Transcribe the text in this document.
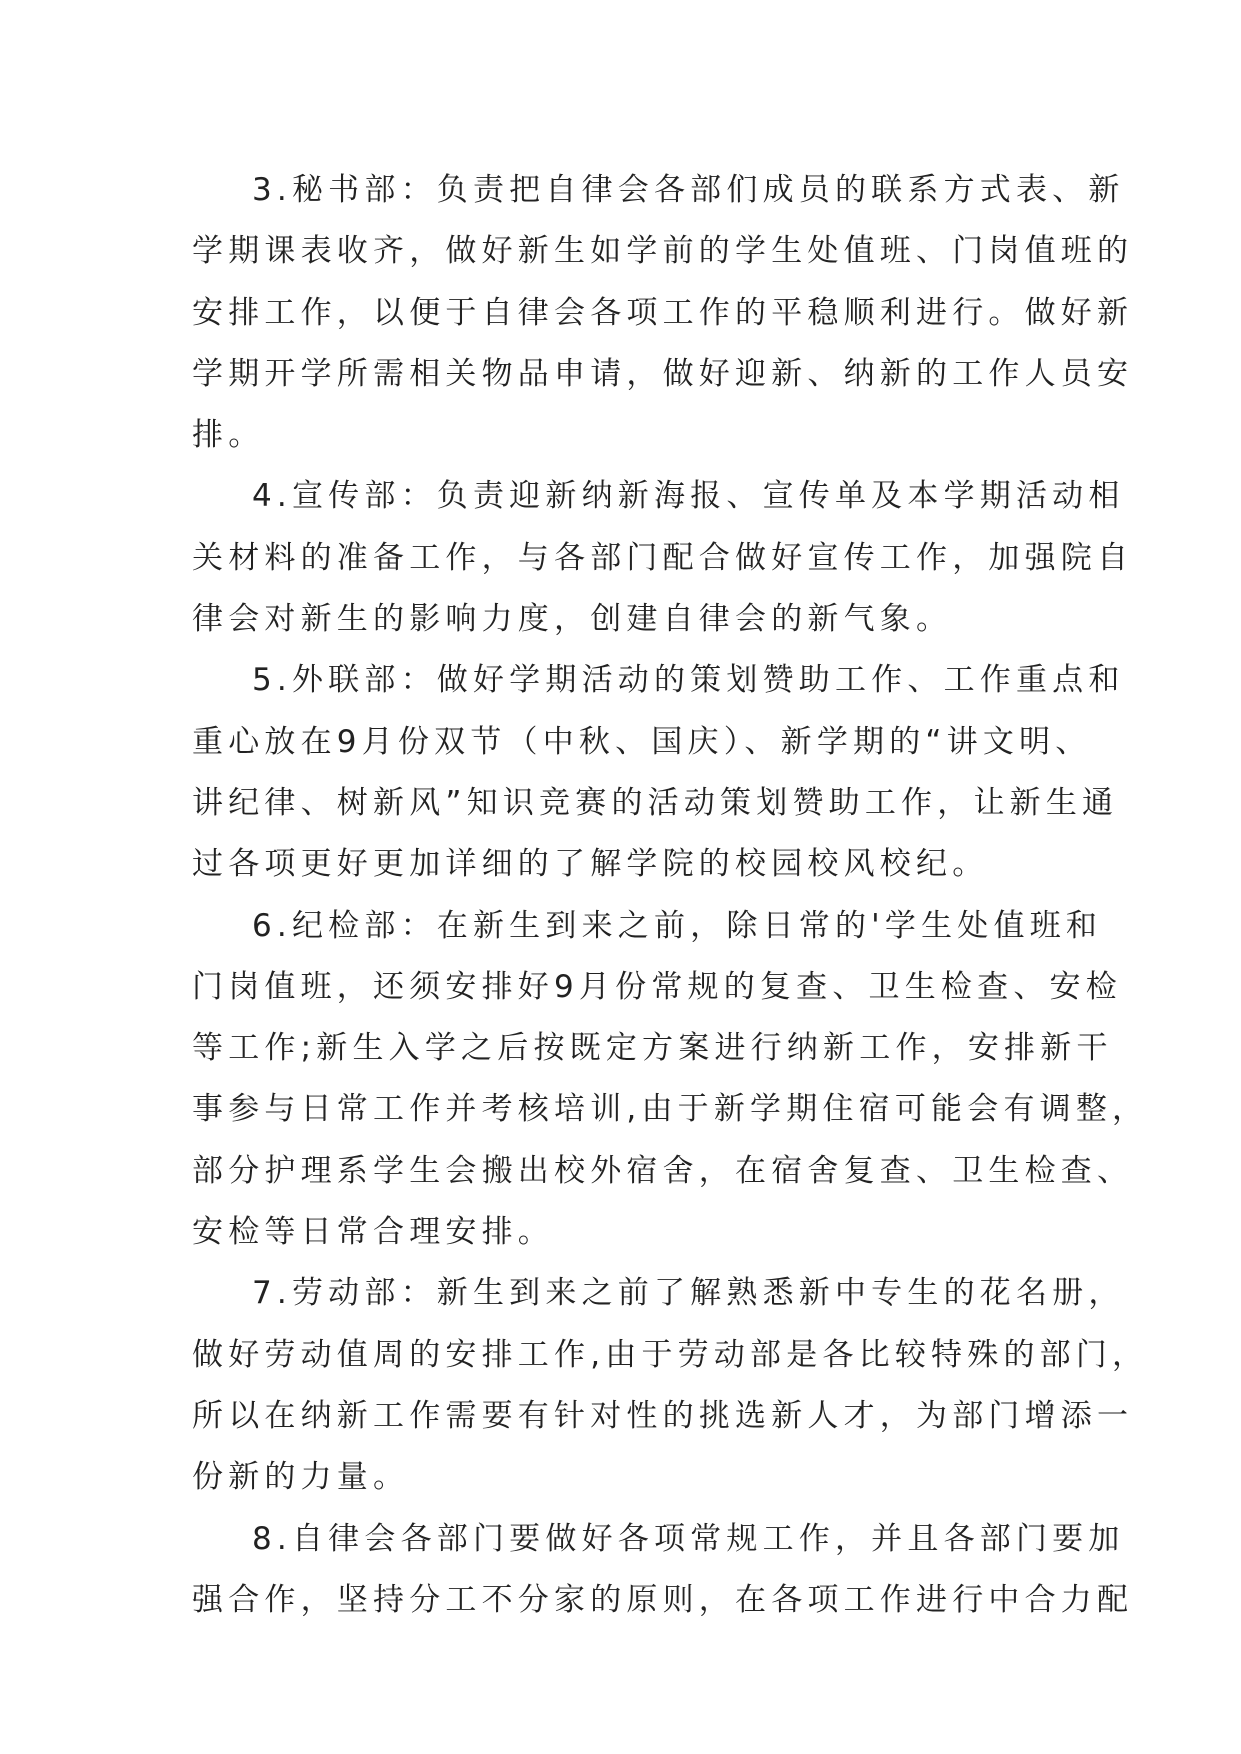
3.秘书部：负责把自律会各部们成员的联系方式表、新
学期课表收齐，做好新生如学前的学生处值班、门岗值班的
安排工作，以便于自律会各项工作的平稳顺利进行。做好新
学期开学所需相关物品申请，做好迎新、纳新的工作人员安
排。
4.宣传部：负责迎新纳新海报、宣传单及本学期活动相
关材料的准备工作，与各部门配合做好宣传工作，加强院自
律会对新生的影响力度，创建自律会的新气象。
5.外联部：做好学期活动的策划赞助工作、工作重点和
重心放在9月份双节（中秋、国庆）、新学期的“讲文明、
讲纪律、树新风”知识竞赛的活动策划赞助工作，让新生通
过各项更好更加详细的了解学院的校园校风校纪。
6.纪检部：在新生到来之前，除日常的'学生处值班和
门岗值班，还须安排好9月份常规的复查、卫生检查、安检
等工作;新生入学之后按既定方案进行纳新工作，安排新干
事参与日常工作并考核培训,由于新学期住宿可能会有调整，
部分护理系学生会搬出校外宿舍，在宿舍复查、卫生检查、
安检等日常合理安排。
7.劳动部：新生到来之前了解熟悉新中专生的花名册，
做好劳动值周的安排工作,由于劳动部是各比较特殊的部门，
所以在纳新工作需要有针对性的挑选新人才，为部门增添一
份新的力量。
8.自律会各部门要做好各项常规工作，并且各部门要加
强合作，坚持分工不分家的原则，在各项工作进行中合力配
